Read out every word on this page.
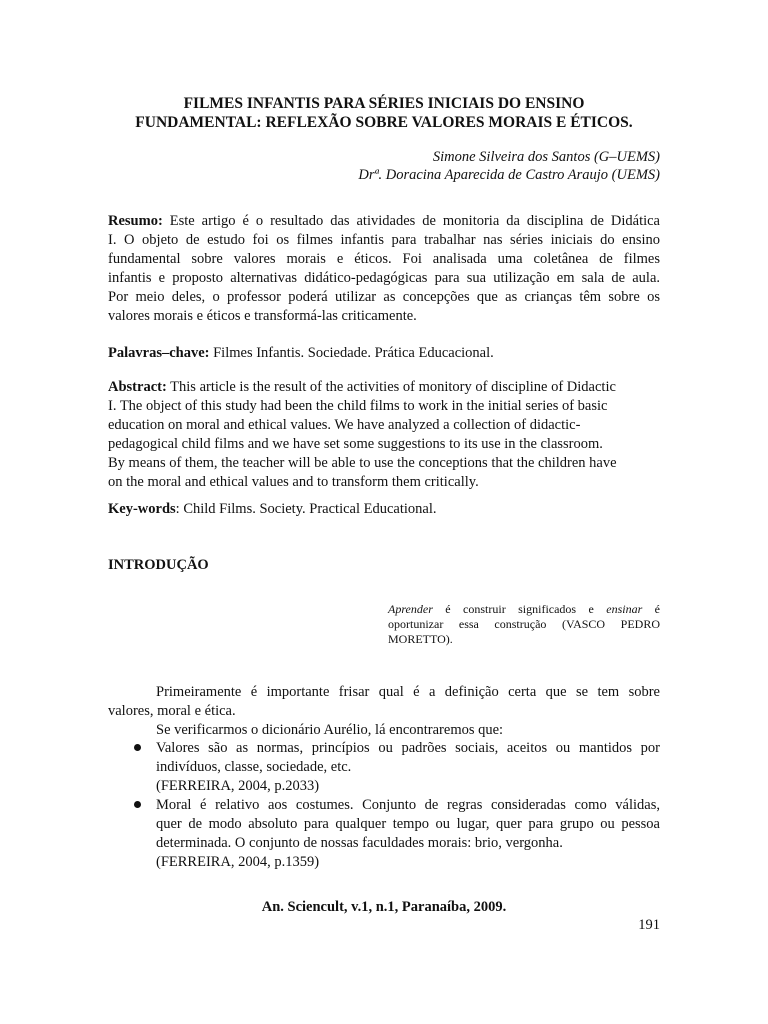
FILMES INFANTIS PARA SÉRIES INICIAIS DO ENSINO
FUNDAMENTAL: REFLEXÃO SOBRE VALORES MORAIS E ÉTICOS.
Simone Silveira dos Santos (G–UEMS)
Drª. Doracina Aparecida de Castro Araujo (UEMS)
Resumo: Este artigo é o resultado das atividades de monitoria da disciplina de Didática
I. O objeto de estudo foi os filmes infantis para trabalhar nas séries iniciais do ensino
fundamental sobre valores morais e éticos. Foi analisada uma coletânea de filmes
infantis e proposto alternativas didático-pedagógicas para sua utilização em sala de aula.
Por meio deles, o professor poderá utilizar as concepções que as crianças têm sobre os
valores morais e éticos e transformá-las criticamente.
Palavras–chave: Filmes Infantis. Sociedade. Prática Educacional.
Abstract: This article is the result of the activities of monitory of discipline of Didactic
I. The object of this study had been the child films to work in the initial series of basic
education on moral and ethical values. We have analyzed a collection of didactic-
pedagogical child films and we have set some suggestions to its use in the classroom.
By means of them, the teacher will be able to use the conceptions that the children have
on the moral and ethical values and to transform them critically.
Key-words: Child Films. Society. Practical Educational.
INTRODUÇÃO
Aprender é construir significados e ensinar é
oportunizar essa construção (VASCO PEDRO
MORETTO).
Primeiramente é importante frisar qual é a definição certa que se tem sobre
valores, moral e ética.
Se verificarmos o dicionário Aurélio, lá encontraremos que:
Valores são as normas, princípios ou padrões sociais, aceitos ou mantidos por
indivíduos, classe, sociedade, etc.
(FERREIRA, 2004, p.2033)
Moral é relativo aos costumes. Conjunto de regras consideradas como válidas,
quer de modo absoluto para qualquer tempo ou lugar, quer para grupo ou pessoa
determinada. O conjunto de nossas faculdades morais: brio, vergonha.
(FERREIRA, 2004, p.1359)
An. Sciencult, v.1, n.1, Paranaíba, 2009.
191
